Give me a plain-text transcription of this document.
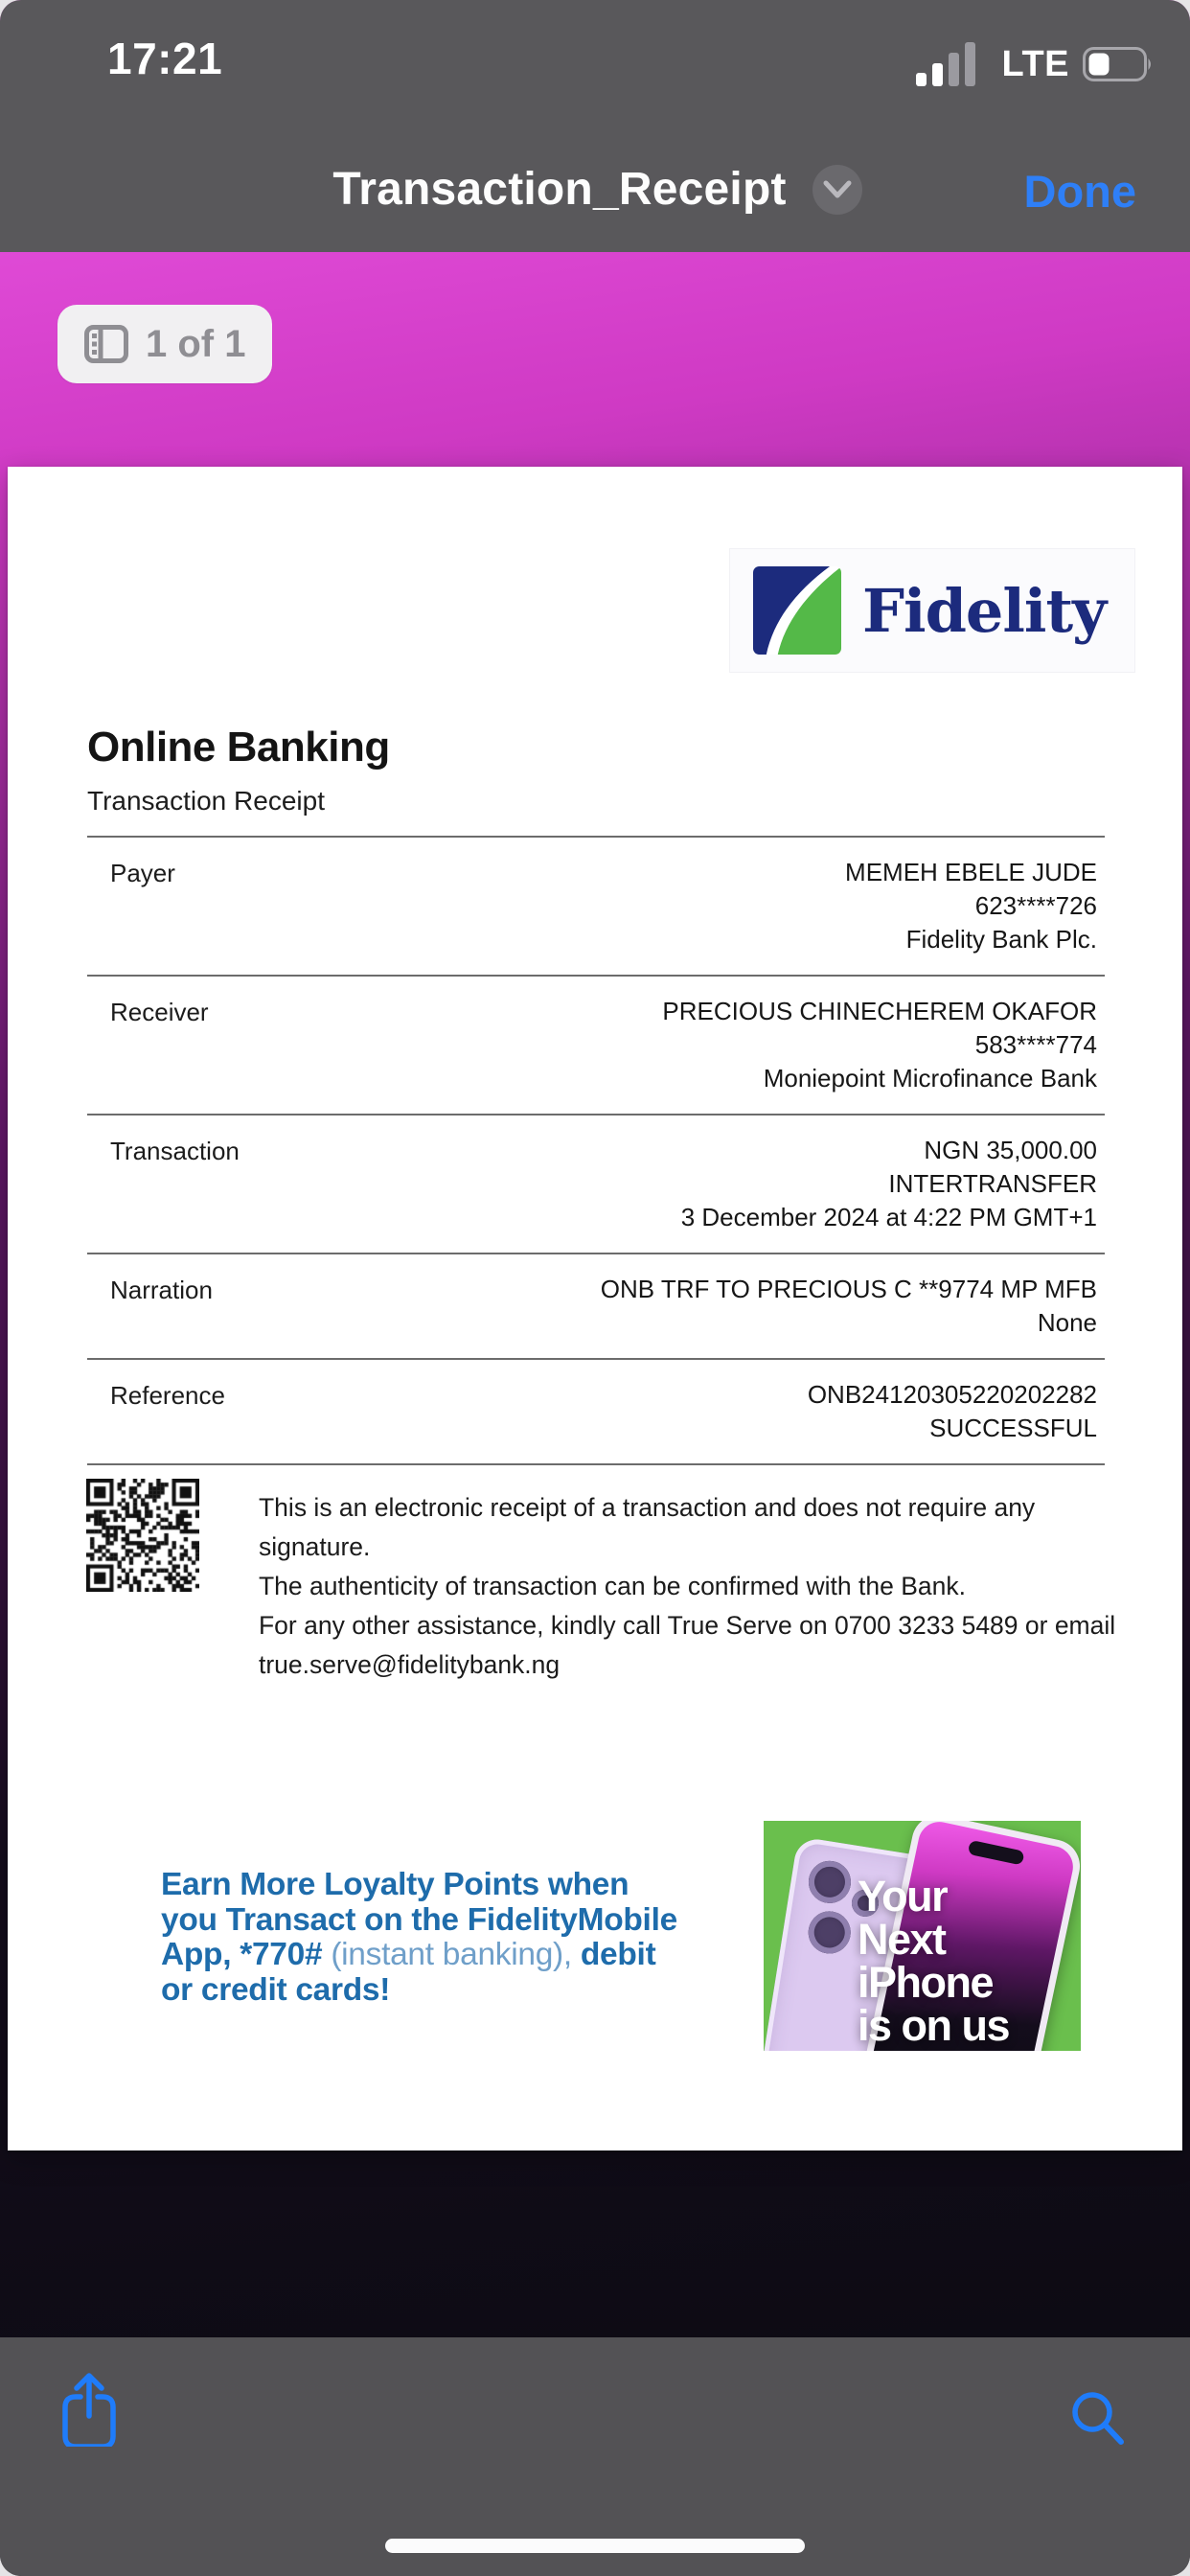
17:21	LTE
Transaction_Receipt	Done
1 of 1
Fidelity
Online Banking
Transaction Receipt
Payer	MEMEH EBELE JUDE
623****726
Fidelity Bank Plc.
Receiver	PRECIOUS CHINECHEREM OKAFOR
583****774
Moniepoint Microfinance Bank
Transaction	NGN 35,000.00
INTERTRANSFER
3 December 2024 at 4:22 PM GMT+1
Narration	ONB TRF TO PRECIOUS C **9774 MP MFB
None
Reference	ONB24120305220202282
SUCCESSFUL
This is an electronic receipt of a transaction and does not require any signature.
The authenticity of transaction can be confirmed with the Bank.
For any other assistance, kindly call True Serve on 0700 3233 5489 or email
true.serve@fidelitybank.ng
Earn More Loyalty Points when
you Transact on the FidelityMobile
App, *770# (instant banking), debit
or credit cards!
Your
Next
iPhone
is on us
